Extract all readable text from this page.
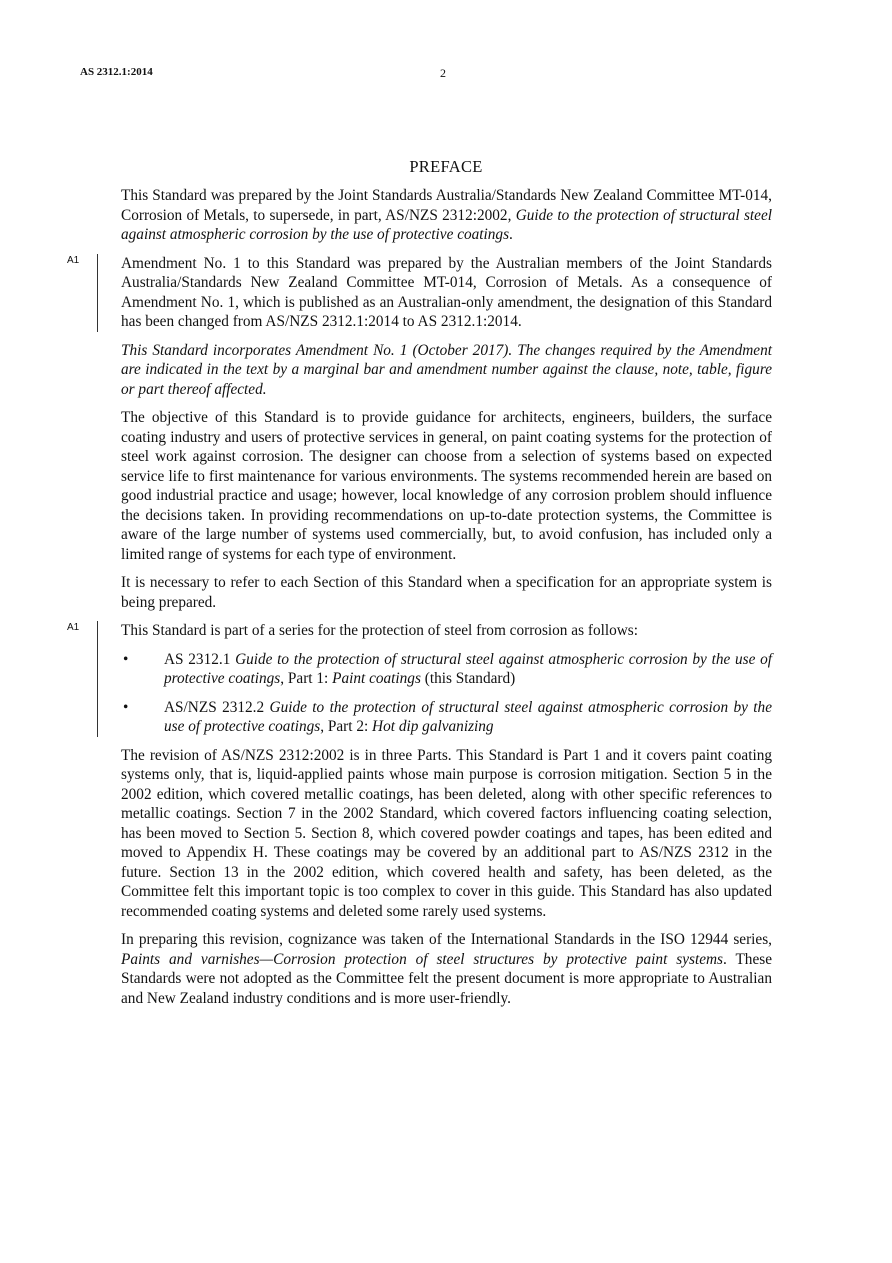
AS 2312.1:2014	2
PREFACE

This Standard was prepared by the Joint Standards Australia/Standards New Zealand Committee MT-014, Corrosion of Metals, to supersede, in part, AS/NZS 2312:2002, Guide to the protection of structural steel against atmospheric corrosion by the use of protective coatings.

A1	Amendment No. 1 to this Standard was prepared by the Australian members of the Joint Standards Australia/Standards New Zealand Committee MT-014, Corrosion of Metals. As a consequence of Amendment No. 1, which is published as an Australian-only amendment, the designation of this Standard has been changed from AS/NZS 2312.1:2014 to AS 2312.1:2014.

This Standard incorporates Amendment No. 1 (October 2017). The changes required by the Amendment are indicated in the text by a marginal bar and amendment number against the clause, note, table, figure or part thereof affected.

The objective of this Standard is to provide guidance for architects, engineers, builders, the surface coating industry and users of protective services in general, on paint coating systems for the protection of steel work against corrosion. The designer can choose from a selection of systems based on expected service life to first maintenance for various environments. The systems recommended herein are based on good industrial practice and usage; however, local knowledge of any corrosion problem should influence the decisions taken. In providing recommendations on up-to-date protection systems, the Committee is aware of the large number of systems used commercially, but, to avoid confusion, has included only a limited range of systems for each type of environment.

It is necessary to refer to each Section of this Standard when a specification for an appropriate system is being prepared.

A1	This Standard is part of a series for the protection of steel from corrosion as follows:

• AS 2312.1 Guide to the protection of structural steel against atmospheric corrosion by the use of protective coatings, Part 1: Paint coatings (this Standard)
• AS/NZS 2312.2 Guide to the protection of structural steel against atmospheric corrosion by the use of protective coatings, Part 2: Hot dip galvanizing

The revision of AS/NZS 2312:2002 is in three Parts. This Standard is Part 1 and it covers paint coating systems only, that is, liquid-applied paints whose main purpose is corrosion mitigation. Section 5 in the 2002 edition, which covered metallic coatings, has been deleted, along with other specific references to metallic coatings. Section 7 in the 2002 Standard, which covered factors influencing coating selection, has been moved to Section 5. Section 8, which covered powder coatings and tapes, has been edited and moved to Appendix H. These coatings may be covered by an additional part to AS/NZS 2312 in the future. Section 13 in the 2002 edition, which covered health and safety, has been deleted, as the Committee felt this important topic is too complex to cover in this guide. This Standard has also updated recommended coating systems and deleted some rarely used systems.

In preparing this revision, cognizance was taken of the International Standards in the ISO 12944 series, Paints and varnishes—Corrosion protection of steel structures by protective paint systems. These Standards were not adopted as the Committee felt the present document is more appropriate to Australian and New Zealand industry conditions and is more user-friendly.
